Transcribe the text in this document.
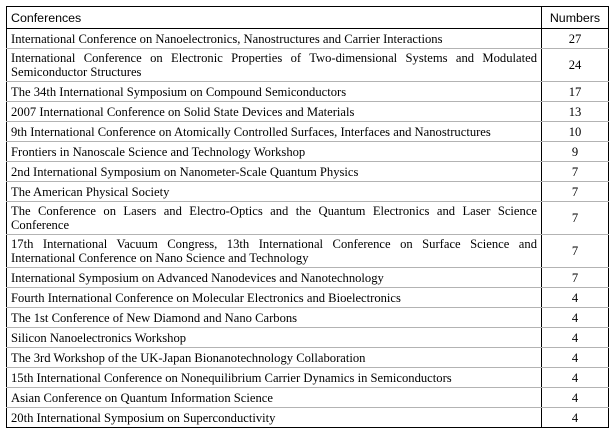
Conferences	Numbers
International Conference on Nanoelectronics, Nanostructures and Carrier Interactions	27
International Conference on Electronic Properties of Two-dimensional Systems and Modulated Semiconductor Structures	24
The 34th International Symposium on Compound Semiconductors	17
2007 International Conference on Solid State Devices and Materials	13
9th International Conference on Atomically Controlled Surfaces, Interfaces and Nanostructures	10
Frontiers in Nanoscale Science and Technology Workshop	9
2nd International Symposium on Nanometer-Scale Quantum Physics	7
The American Physical Society	7
The Conference on Lasers and Electro-Optics and the Quantum Electronics and Laser Science Conference	7
17th International Vacuum Congress, 13th International Conference on Surface Science and International Conference on Nano Science and Technology	7
International Symposium on Advanced Nanodevices and Nanotechnology	7
Fourth International Conference on Molecular Electronics and Bioelectronics	4
The 1st Conference of New Diamond and Nano Carbons	4
Silicon Nanoelectronics Workshop	4
The 3rd Workshop of the UK-Japan Bionanotechnology Collaboration	4
15th International Conference on Nonequilibrium Carrier Dynamics in Semiconductors	4
Asian Conference on Quantum Information Science	4
20th International Symposium on Superconductivity	4
